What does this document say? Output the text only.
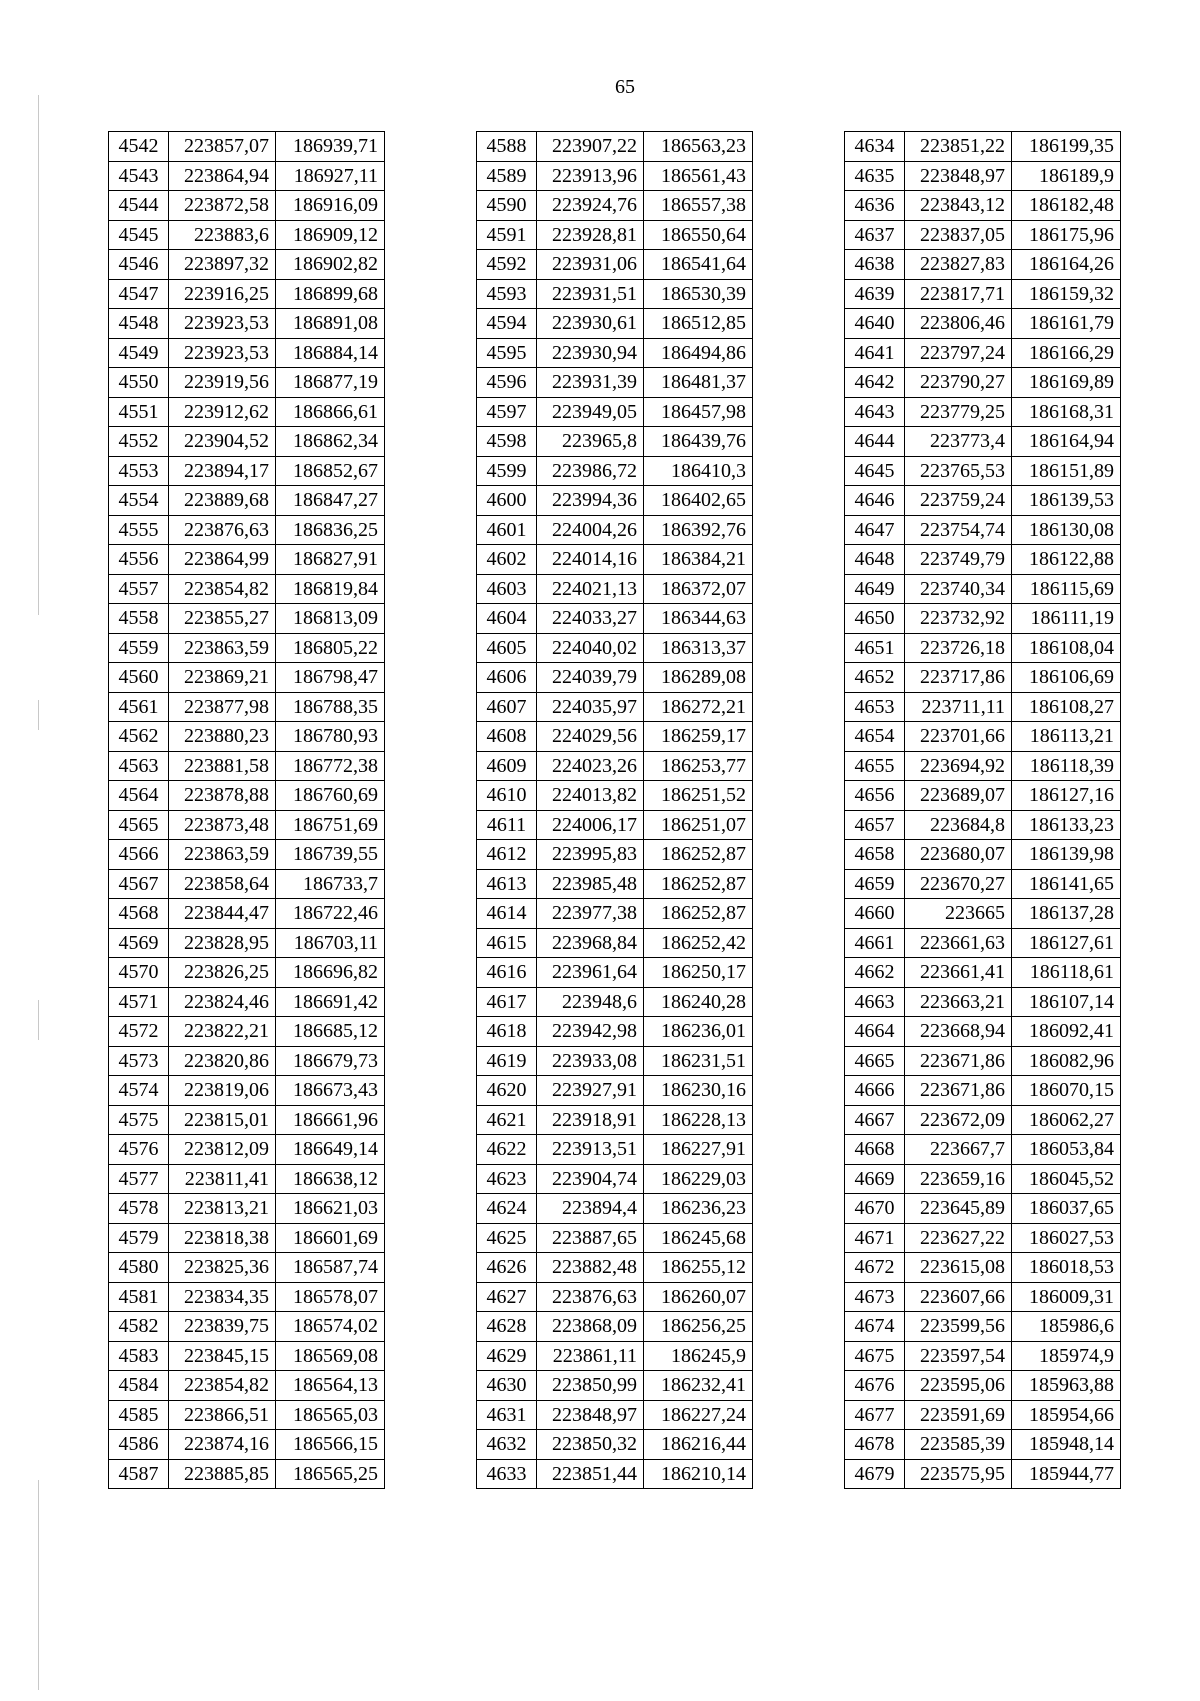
65
4542	223857,07	186939,71
4543	223864,94	186927,11
4544	223872,58	186916,09
4545	223883,6	186909,12
4546	223897,32	186902,82
4547	223916,25	186899,68
4548	223923,53	186891,08
4549	223923,53	186884,14
4550	223919,56	186877,19
4551	223912,62	186866,61
4552	223904,52	186862,34
4553	223894,17	186852,67
4554	223889,68	186847,27
4555	223876,63	186836,25
4556	223864,99	186827,91
4557	223854,82	186819,84
4558	223855,27	186813,09
4559	223863,59	186805,22
4560	223869,21	186798,47
4561	223877,98	186788,35
4562	223880,23	186780,93
4563	223881,58	186772,38
4564	223878,88	186760,69
4565	223873,48	186751,69
4566	223863,59	186739,55
4567	223858,64	186733,7
4568	223844,47	186722,46
4569	223828,95	186703,11
4570	223826,25	186696,82
4571	223824,46	186691,42
4572	223822,21	186685,12
4573	223820,86	186679,73
4574	223819,06	186673,43
4575	223815,01	186661,96
4576	223812,09	186649,14
4577	223811,41	186638,12
4578	223813,21	186621,03
4579	223818,38	186601,69
4580	223825,36	186587,74
4581	223834,35	186578,07
4582	223839,75	186574,02
4583	223845,15	186569,08
4584	223854,82	186564,13
4585	223866,51	186565,03
4586	223874,16	186566,15
4587	223885,85	186565,25
4588	223907,22	186563,23
4589	223913,96	186561,43
4590	223924,76	186557,38
4591	223928,81	186550,64
4592	223931,06	186541,64
4593	223931,51	186530,39
4594	223930,61	186512,85
4595	223930,94	186494,86
4596	223931,39	186481,37
4597	223949,05	186457,98
4598	223965,8	186439,76
4599	223986,72	186410,3
4600	223994,36	186402,65
4601	224004,26	186392,76
4602	224014,16	186384,21
4603	224021,13	186372,07
4604	224033,27	186344,63
4605	224040,02	186313,37
4606	224039,79	186289,08
4607	224035,97	186272,21
4608	224029,56	186259,17
4609	224023,26	186253,77
4610	224013,82	186251,52
4611	224006,17	186251,07
4612	223995,83	186252,87
4613	223985,48	186252,87
4614	223977,38	186252,87
4615	223968,84	186252,42
4616	223961,64	186250,17
4617	223948,6	186240,28
4618	223942,98	186236,01
4619	223933,08	186231,51
4620	223927,91	186230,16
4621	223918,91	186228,13
4622	223913,51	186227,91
4623	223904,74	186229,03
4624	223894,4	186236,23
4625	223887,65	186245,68
4626	223882,48	186255,12
4627	223876,63	186260,07
4628	223868,09	186256,25
4629	223861,11	186245,9
4630	223850,99	186232,41
4631	223848,97	186227,24
4632	223850,32	186216,44
4633	223851,44	186210,14
4634	223851,22	186199,35
4635	223848,97	186189,9
4636	223843,12	186182,48
4637	223837,05	186175,96
4638	223827,83	186164,26
4639	223817,71	186159,32
4640	223806,46	186161,79
4641	223797,24	186166,29
4642	223790,27	186169,89
4643	223779,25	186168,31
4644	223773,4	186164,94
4645	223765,53	186151,89
4646	223759,24	186139,53
4647	223754,74	186130,08
4648	223749,79	186122,88
4649	223740,34	186115,69
4650	223732,92	186111,19
4651	223726,18	186108,04
4652	223717,86	186106,69
4653	223711,11	186108,27
4654	223701,66	186113,21
4655	223694,92	186118,39
4656	223689,07	186127,16
4657	223684,8	186133,23
4658	223680,07	186139,98
4659	223670,27	186141,65
4660	223665	186137,28
4661	223661,63	186127,61
4662	223661,41	186118,61
4663	223663,21	186107,14
4664	223668,94	186092,41
4665	223671,86	186082,96
4666	223671,86	186070,15
4667	223672,09	186062,27
4668	223667,7	186053,84
4669	223659,16	186045,52
4670	223645,89	186037,65
4671	223627,22	186027,53
4672	223615,08	186018,53
4673	223607,66	186009,31
4674	223599,56	185986,6
4675	223597,54	185974,9
4676	223595,06	185963,88
4677	223591,69	185954,66
4678	223585,39	185948,14
4679	223575,95	185944,77
